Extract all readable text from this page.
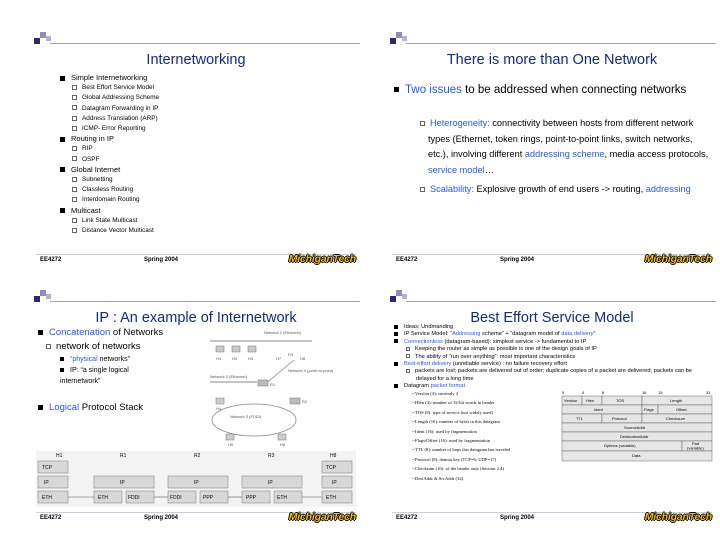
Internetworking
Simple Internetworking
Best Effort Service Model
Global Addressing Scheme
Datagram Forwarding in IP
Address Translation (ARP)
ICMP- Error Reporting
Routing in IP
RIP
OSPF
Global Internet
Subnetting
Classless Routing
Interdomain Routing
Multicast
Link State Multicast
Distance Vector Multicast
EE4272	Spring 2004	MichiganTech
There is more than One Network
Two issues to be addressed when connecting networks
Heterogeneity: connectivity between hosts from different network types (Ethernet, token rings, point-to-point links, switch networks, etc.), involving different addressing scheme, media access protocols, service model…
Scalability: Explosive growth of end users -> routing, addressing
EE4272	Spring 2004	MichiganTech
IP : An example of Internetwork
Concatenation of Networks
network of networks
“physical networks”
IP: “a single logical internetwork”
Logical Protocol Stack
Network 1 (Ethernet)
H1	H2	H3	H7
R3
H8
Network 2 (Ethernet)
Network 4 (point-to-point)
R1
R2
Network 3 (FDDI)
H4
H5	H6
H1	H8
TCP
IP
ETH
TCP
IP
ETH
R1	R2	R3
IP	IP	IP
ETH	FDDI	FDDI	PPP	PPP	ETH
EE4272	Spring 2004	MichiganTech
Best Effort Service Model
Ideas: Undmanding
IP Service Model: “Addressing scheme” + “datagram model of data delivery”
Connectionless (datagram-based): simplest service -> fundamental to IP
Keeping the router as simple as possible is one of the design goals of IP
The ability of “run over anything”: most important characteristics
Best-effort delivery (unreliable service) : no failure recovery effort
packets are lost; packets are delivered out of order; duplicate copies of a packet are delivered; packets can be delayed for a long time
Datagram packet format
--Version (4): currently 4
--Hlen (4): number of 32-bit words in header
--TOS (8): type of service (not widely used)
--Length (16): number of bytes in this datagram
--Ident (16): used by fragmentation
--Flags/Offset (16): used by fragmentation
--TTL (8): number of hops this datagram has traveled
--Protocol (8): demux key (TCP=6; UDP=17)
--Checksum (16): of the header only (Section 2.4)
--DestAddr & SrcAddr (32)
0	4	8	16	19	31
Version Hlen	TOS	Length
Ident	Flags	Offset
TTL	Protocol	Checksum
SourceAddr
DestinationAddr
Options (variable)	Pad
(variable)
Data
EE4272	Spring 2004	MichiganTech
